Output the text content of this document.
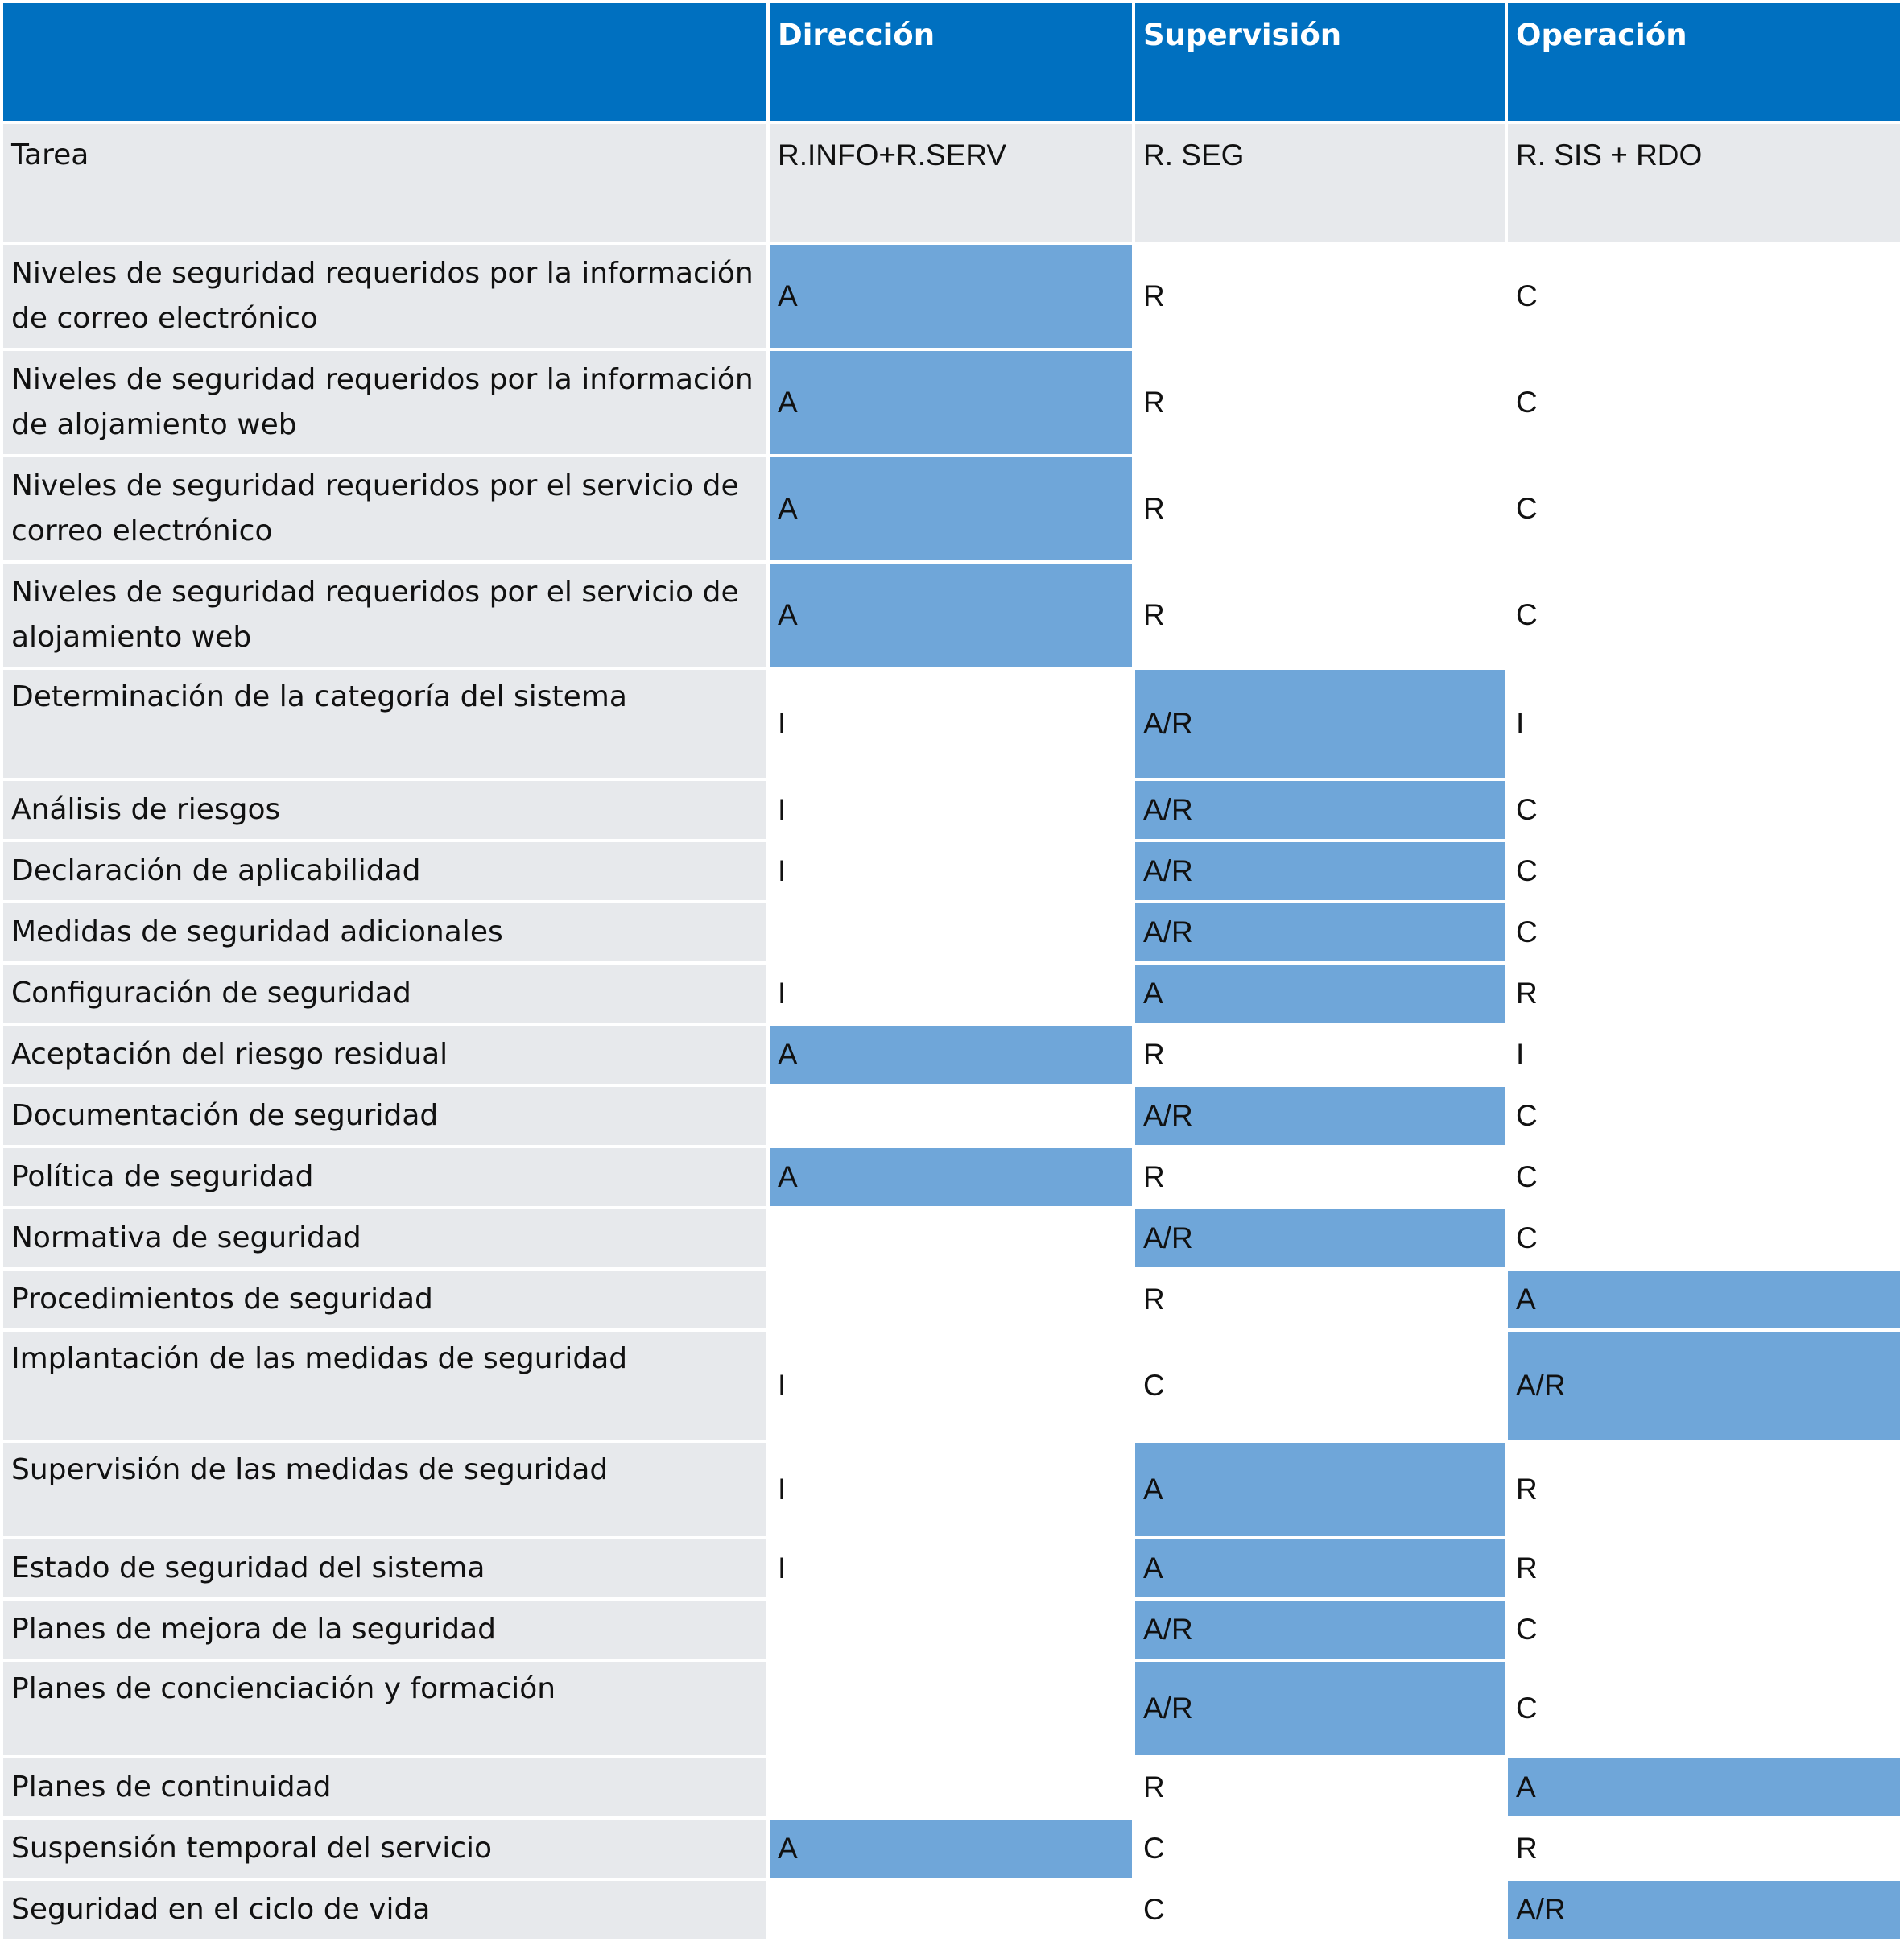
	Dirección	Supervisión	Operación
Tarea	R.INFO+R.SERV	R. SEG	R. SIS + RDO
Niveles de seguridad requeridos por la información de correo electrónico	A	R	C
Niveles de seguridad requeridos por la información de alojamiento web	A	R	C
Niveles de seguridad requeridos por el servicio de correo electrónico	A	R	C
Niveles de seguridad requeridos por el servicio de alojamiento web	A	R	C
Determinación de la categoría del sistema	I	A/R	I
Análisis de riesgos	I	A/R	C
Declaración de aplicabilidad	I	A/R	C
Medidas de seguridad adicionales		A/R	C
Configuración de seguridad	I	A	R
Aceptación del riesgo residual	A	R	I
Documentación de seguridad		A/R	C
Política de seguridad	A	R	C
Normativa de seguridad		A/R	C
Procedimientos de seguridad		R	A
Implantación de las medidas de seguridad	I	C	A/R
Supervisión de las medidas de seguridad	I	A	R
Estado de seguridad del sistema	I	A	R
Planes de mejora de la seguridad		A/R	C
Planes de concienciación y formación		A/R	C
Planes de continuidad		R	A
Suspensión temporal del servicio	A	C	R
Seguridad en el ciclo de vida		C	A/R
